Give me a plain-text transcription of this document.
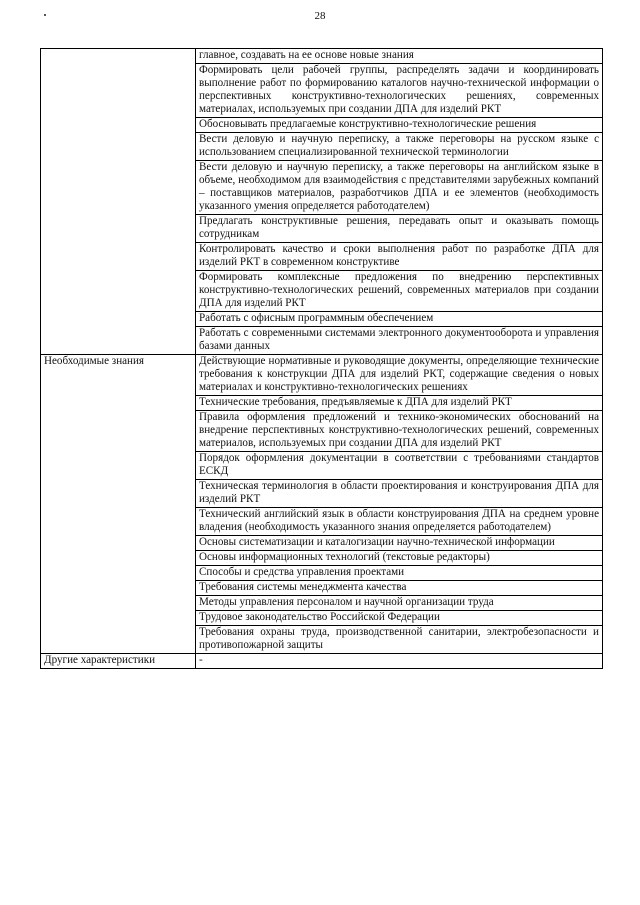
28
	главное, создавать на ее основе новые знания
	Формировать цели рабочей группы, распределять задачи и координировать выполнение работ по формированию каталогов научно-технической информации о перспективных конструктивно-технологических решениях, современных материалах, используемых при создании ДПА для изделий РКТ
	Обосновывать предлагаемые конструктивно-технологические решения
	Вести деловую и научную переписку, а также переговоры на русском языке с использованием специализированной технической терминологии
	Вести деловую и научную переписку, а также переговоры на английском языке в объеме, необходимом для взаимодействия с представителями зарубежных компаний – поставщиков материалов, разработчиков ДПА и ее элементов (необходимость указанного умения определяется работодателем)
	Предлагать конструктивные решения, передавать опыт и оказывать помощь сотрудникам
	Контролировать качество и сроки выполнения работ по разработке ДПА для изделий РКТ в современном конструктиве
	Формировать комплексные предложения по внедрению перспективных конструктивно-технологических решений, современных материалов при создании ДПА для изделий РКТ
	Работать с офисным программным обеспечением
	Работать с современными системами электронного документооборота и управления базами данных
Необходимые знания	Действующие нормативные и руководящие документы, определяющие технические требования к конструкции ДПА для изделий РКТ, содержащие сведения о новых материалах и конструктивно-технологических решениях
	Технические требования, предъявляемые к ДПА для изделий РКТ
	Правила оформления предложений и технико-экономических обоснований на внедрение перспективных конструктивно-технологических решений, современных материалов, используемых при создании ДПА для изделий РКТ
	Порядок оформления документации в соответствии с требованиями стандартов ЕСКД
	Техническая терминология в области проектирования и конструирования ДПА для изделий РКТ
	Технический английский язык в области конструирования ДПА на среднем уровне владения (необходимость указанного знания определяется работодателем)
	Основы систематизации и каталогизации научно-технической информации
	Основы информационных технологий (текстовые редакторы)
	Способы и средства управления проектами
	Требования системы менеджмента качества
	Методы управления персоналом и научной организации труда
	Трудовое законодательство Российской Федерации
	Требования охраны труда, производственной санитарии, электробезопасности и противопожарной защиты
Другие характеристики	-
